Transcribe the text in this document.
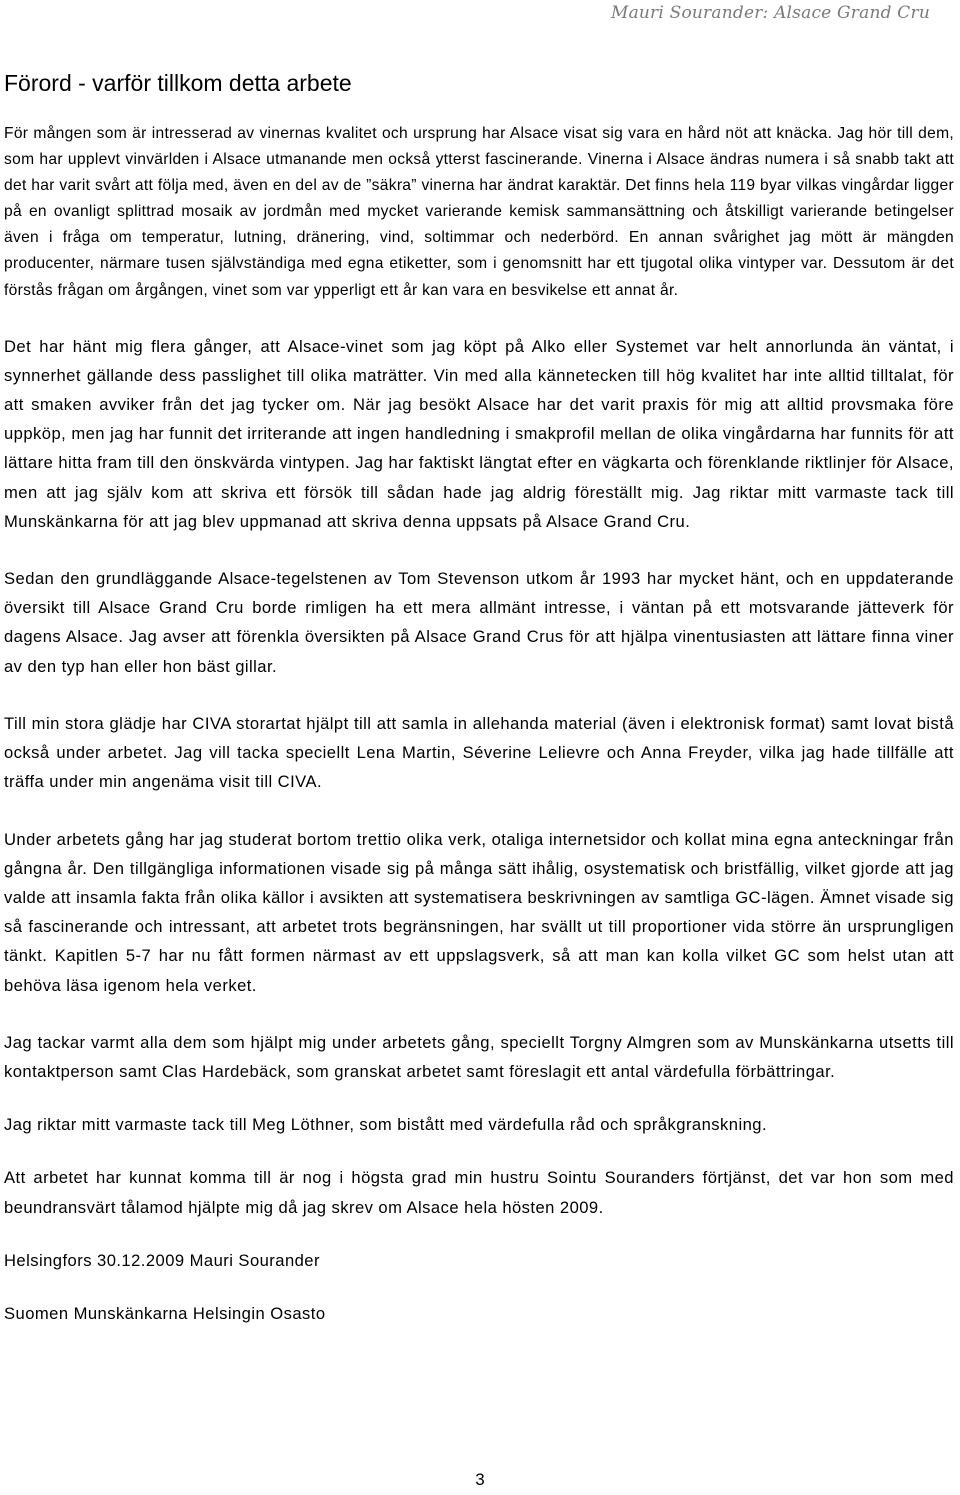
Mauri Sourander: Alsace Grand Cru
Förord - varför tillkom detta arbete

För mången som är intresserad av vinernas kvalitet och ursprung har Alsace visat sig vara en hård nöt att knäcka. Jag hör till dem, som har upplevt vinvärlden i Alsace utmanande men också ytterst fascinerande. Vinerna i Alsace ändras numera i så snabb takt att det har varit svårt att följa med, även en del av de ”säkra” vinerna har ändrat karaktär. Det finns hela 119 byar vilkas vingårdar ligger på en ovanligt splittrad mosaik av jordmån med mycket varierande kemisk sammansättning och åtskilligt varierande betingelser även i fråga om temperatur, lutning, dränering, vind, soltimmar och nederbörd. En annan svårighet jag mött är mängden producenter, närmare tusen självständiga med egna etiketter, som i genomsnitt har ett tjugotal olika vintyper var. Dessutom är det förstås frågan om årgången, vinet som var ypperligt ett år kan vara en besvikelse ett annat år.

Det har hänt mig flera gånger, att Alsace-vinet som jag köpt på Alko eller Systemet var helt annorlunda än väntat, i synnerhet gällande dess passlighet till olika maträtter. Vin med alla kännetecken till hög kvalitet har inte alltid tilltalat, för att smaken avviker från det jag tycker om. När jag besökt Alsace har det varit praxis för mig att alltid provsmaka före uppköp, men jag har funnit det irriterande att ingen handledning i smakprofil mellan de olika vingårdarna har funnits för att lättare hitta fram till den önskvärda vintypen. Jag har faktiskt längtat efter en vägkarta och förenklande riktlinjer för Alsace, men att jag själv kom att skriva ett försök till sådan hade jag aldrig föreställt mig. Jag riktar mitt varmaste tack till Munskänkarna för att jag blev uppmanad att skriva denna uppsats på Alsace Grand Cru.

Sedan den grundläggande Alsace-tegelstenen av Tom Stevenson utkom år 1993 har mycket hänt, och en uppdaterande översikt till Alsace Grand Cru borde rimligen ha ett mera allmänt intresse, i väntan på ett motsvarande jätteverk för dagens Alsace. Jag avser att förenkla översikten på Alsace Grand Crus för att hjälpa vinentusiasten att lättare finna viner av den typ han eller hon bäst gillar.

Till min stora glädje har CIVA storartat hjälpt till att samla in allehanda material (även i elektronisk format) samt lovat bistå också under arbetet. Jag vill tacka speciellt Lena Martin, Séverine Lelievre och Anna Freyder, vilka jag hade tillfälle att träffa under min angenäma visit till CIVA.

Under arbetets gång har jag studerat bortom trettio olika verk, otaliga internetsidor och kollat mina egna anteckningar från gångna år. Den tillgängliga informationen visade sig på många sätt ihålig, osystematisk och bristfällig, vilket gjorde att jag valde att insamla fakta från olika källor i avsikten att systematisera beskrivningen av samtliga GC-lägen. Ämnet visade sig så fascinerande och intressant, att arbetet trots begränsningen, har svällt ut till proportioner vida större än ursprungligen tänkt. Kapitlen 5-7 har nu fått formen närmast av ett uppslagsverk, så att man kan kolla vilket GC som helst utan att behöva läsa igenom hela verket.

Jag tackar varmt alla dem som hjälpt mig under arbetets gång, speciellt Torgny Almgren som av Munskänkarna utsetts till kontaktperson samt Clas Hardebäck, som granskat arbetet samt föreslagit ett antal värdefulla förbättringar.

Jag riktar mitt varmaste tack till Meg Löthner, som bistått med värdefulla råd och språkgranskning.

Att arbetet har kunnat komma till är nog i högsta grad min hustru Sointu Souranders förtjänst, det var hon som med beundransvärt tålamod hjälpte mig då jag skrev om Alsace hela hösten 2009.

Helsingfors 30.12.2009 Mauri Sourander

Suomen Munskänkarna Helsingin Osasto

3
